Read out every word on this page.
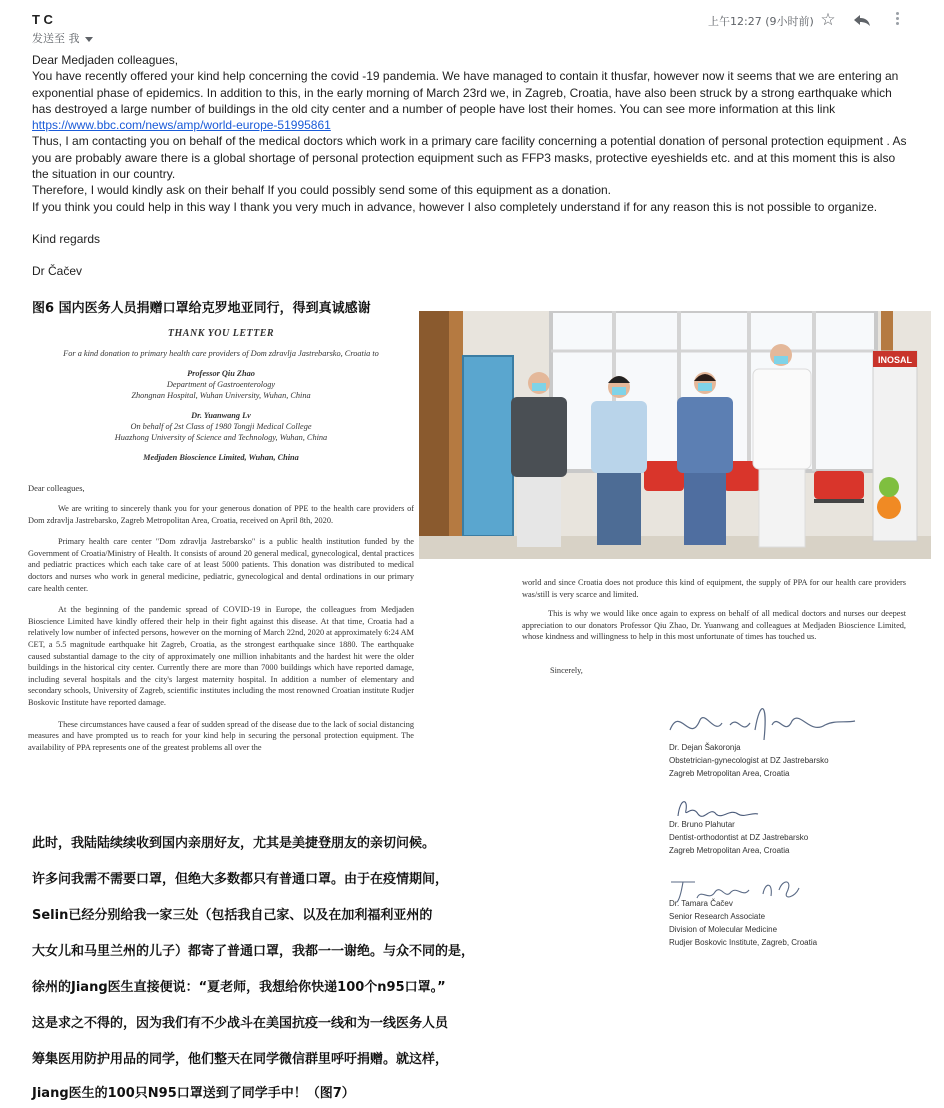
T C
发送至 我
上午12:27 (9小时前) ☆

Dear Medjaden colleagues,

You have recently offered your kind help concerning the covid -19 pandemia. We have managed to contain it thusfar, however now it seems that we are entering an exponential phase of epidemics. In addition to this, in the early morning of March 23rd we, in Zagreb, Croatia, have also been struck by a strong earthquake which has destroyed a large number of buildings in the old city center and a number of people have lost their homes. You can see more information at this link

https://www.bbc.com/news/amp/world-europe-51995861

Thus, I am contacting you on behalf of the medical doctors which work in a primary care facility concerning a potential donation of personal protection equipment . As you are probably aware there is a global shortage of personal protection equipment such as FFP3 masks, protective eyeshields etc. and at this moment this is also the situation in our country.

Therefore, I would kindly ask on their behalf If you could possibly send some of this equipment as a donation.

If you think you could help in this way I thank you very much in advance, however I also completely understand if for any reason this is not possible to organize.

Kind regards

Dr Čačev

图6 国内医务人员捐赠口罩给克罗地亚同行，得到真诚感谢
THANK YOU LETTER
For a kind donation to primary health care providers of Dom zdravlja Jastrebarsko, Croatia to
Professor Qiu Zhao
Department of Gastroenterology
Zhongnan Hospital, Wuhan University, Wuhan, China
Dr. Yuanwang Lv
On behalf of 2st Class of 1980 Tongji Medical College
Huazhong University of Science and Technology, Wuhan, China
Medjaden Bioscience Limited, Wuhan, China
Dear colleagues,

We are writing to sincerely thank you for your generous donation of PPE to the health care providers of Dom zdravlja Jastrebarsko, Zagreb Metropolitan Area, Croatia, received on April 8th, 2020.

Primary health care center "Dom zdravlja Jastrebarsko" is a public health institution funded by the Government of Croatia/Ministry of Health. It consists of around 20 general medical, gynecological, dental practices and pediatric practices which each take care of at least 5000 patients. This donation was distributed to medical doctors and nurses who work in general medicine, pediatric, gynecological and dental ordinations in our primary care health center.

At the beginning of the pandemic spread of COVID-19 in Europe, the colleagues from Medjaden Bioscience Limited have kindly offered their help in their fight against this disease. At that time, Croatia had a relatively low number of infected persons, however on the morning of March 22nd, 2020 at approximately 6:24 AM CET, a 5.5 magnitude earthquake hit Zagreb, Croatia, as the strongest earthquake since 1880. The earthquake caused substantial damage to the city of approximately one million inhabitants and the hardest hit were the older buildings in the historical city center. Currently there are more than 7000 buildings which have reported damage, including several hospitals and the city's largest maternity hospital. In addition a number of elementary and secondary schools, University of Zagreb, scientific institutes including the most renowned Croatian institute Rudjer Boskovic Institute have reported damage.

These circumstances have caused a fear of sudden spread of the disease due to the lack of social distancing measures and have prompted us to reach for your kind help in securing the personal protection equipment. The availability of PPA represents one of the greatest problems all over the

INOSAL

world and since Croatia does not produce this kind of equipment, the supply of PPA for our health care providers was/still is very scarce and limited.

This is why we would like once again to express on behalf of all medical doctors and nurses our deepest appreciation to our donators Professor Qiu Zhao, Dr. Yuanwang and colleagues at Medjaden Bioscience Limited, whose kindness and willingness to help in this most unfortunate of times has touched us.

Sincerely,
Dr. Dejan Šakoronja
Obstetrician-gynecologist at DZ Jastrebarsko
Zagreb Metropolitan Area, Croatia
Dr. Bruno Plahutar
Dentist-orthodontist at DZ Jastrebarsko
Zagreb Metropolitan Area, Croatia
Dr. Tamara Čačev
Senior Research Associate
Division of Molecular Medicine
Rudjer Boskovic Institute, Zagreb, Croatia
此时，我陆陆续续收到国内亲朋好友，尤其是美捷登朋友的亲切问候。
许多问我需不需要口罩，但绝大多数都只有普通口罩。由于在疫情期间，
Selin已经分别给我一家三处（包括我自己家、以及在加利福利亚州的
大女儿和马里兰州的儿子）都寄了普通口罩，我都一一谢绝。与众不同的是，
徐州的Jiang医生直接便说：“夏老师，我想给你快递100个n95口罩。”
这是求之不得的，因为我们有不少战斗在美国抗疫一线和为一线医务人员
筹集医用防护用品的同学，他们整天在同学微信群里呼吁捐赠。就这样，
Jiang医生的100只N95口罩送到了同学手中！（图7）
